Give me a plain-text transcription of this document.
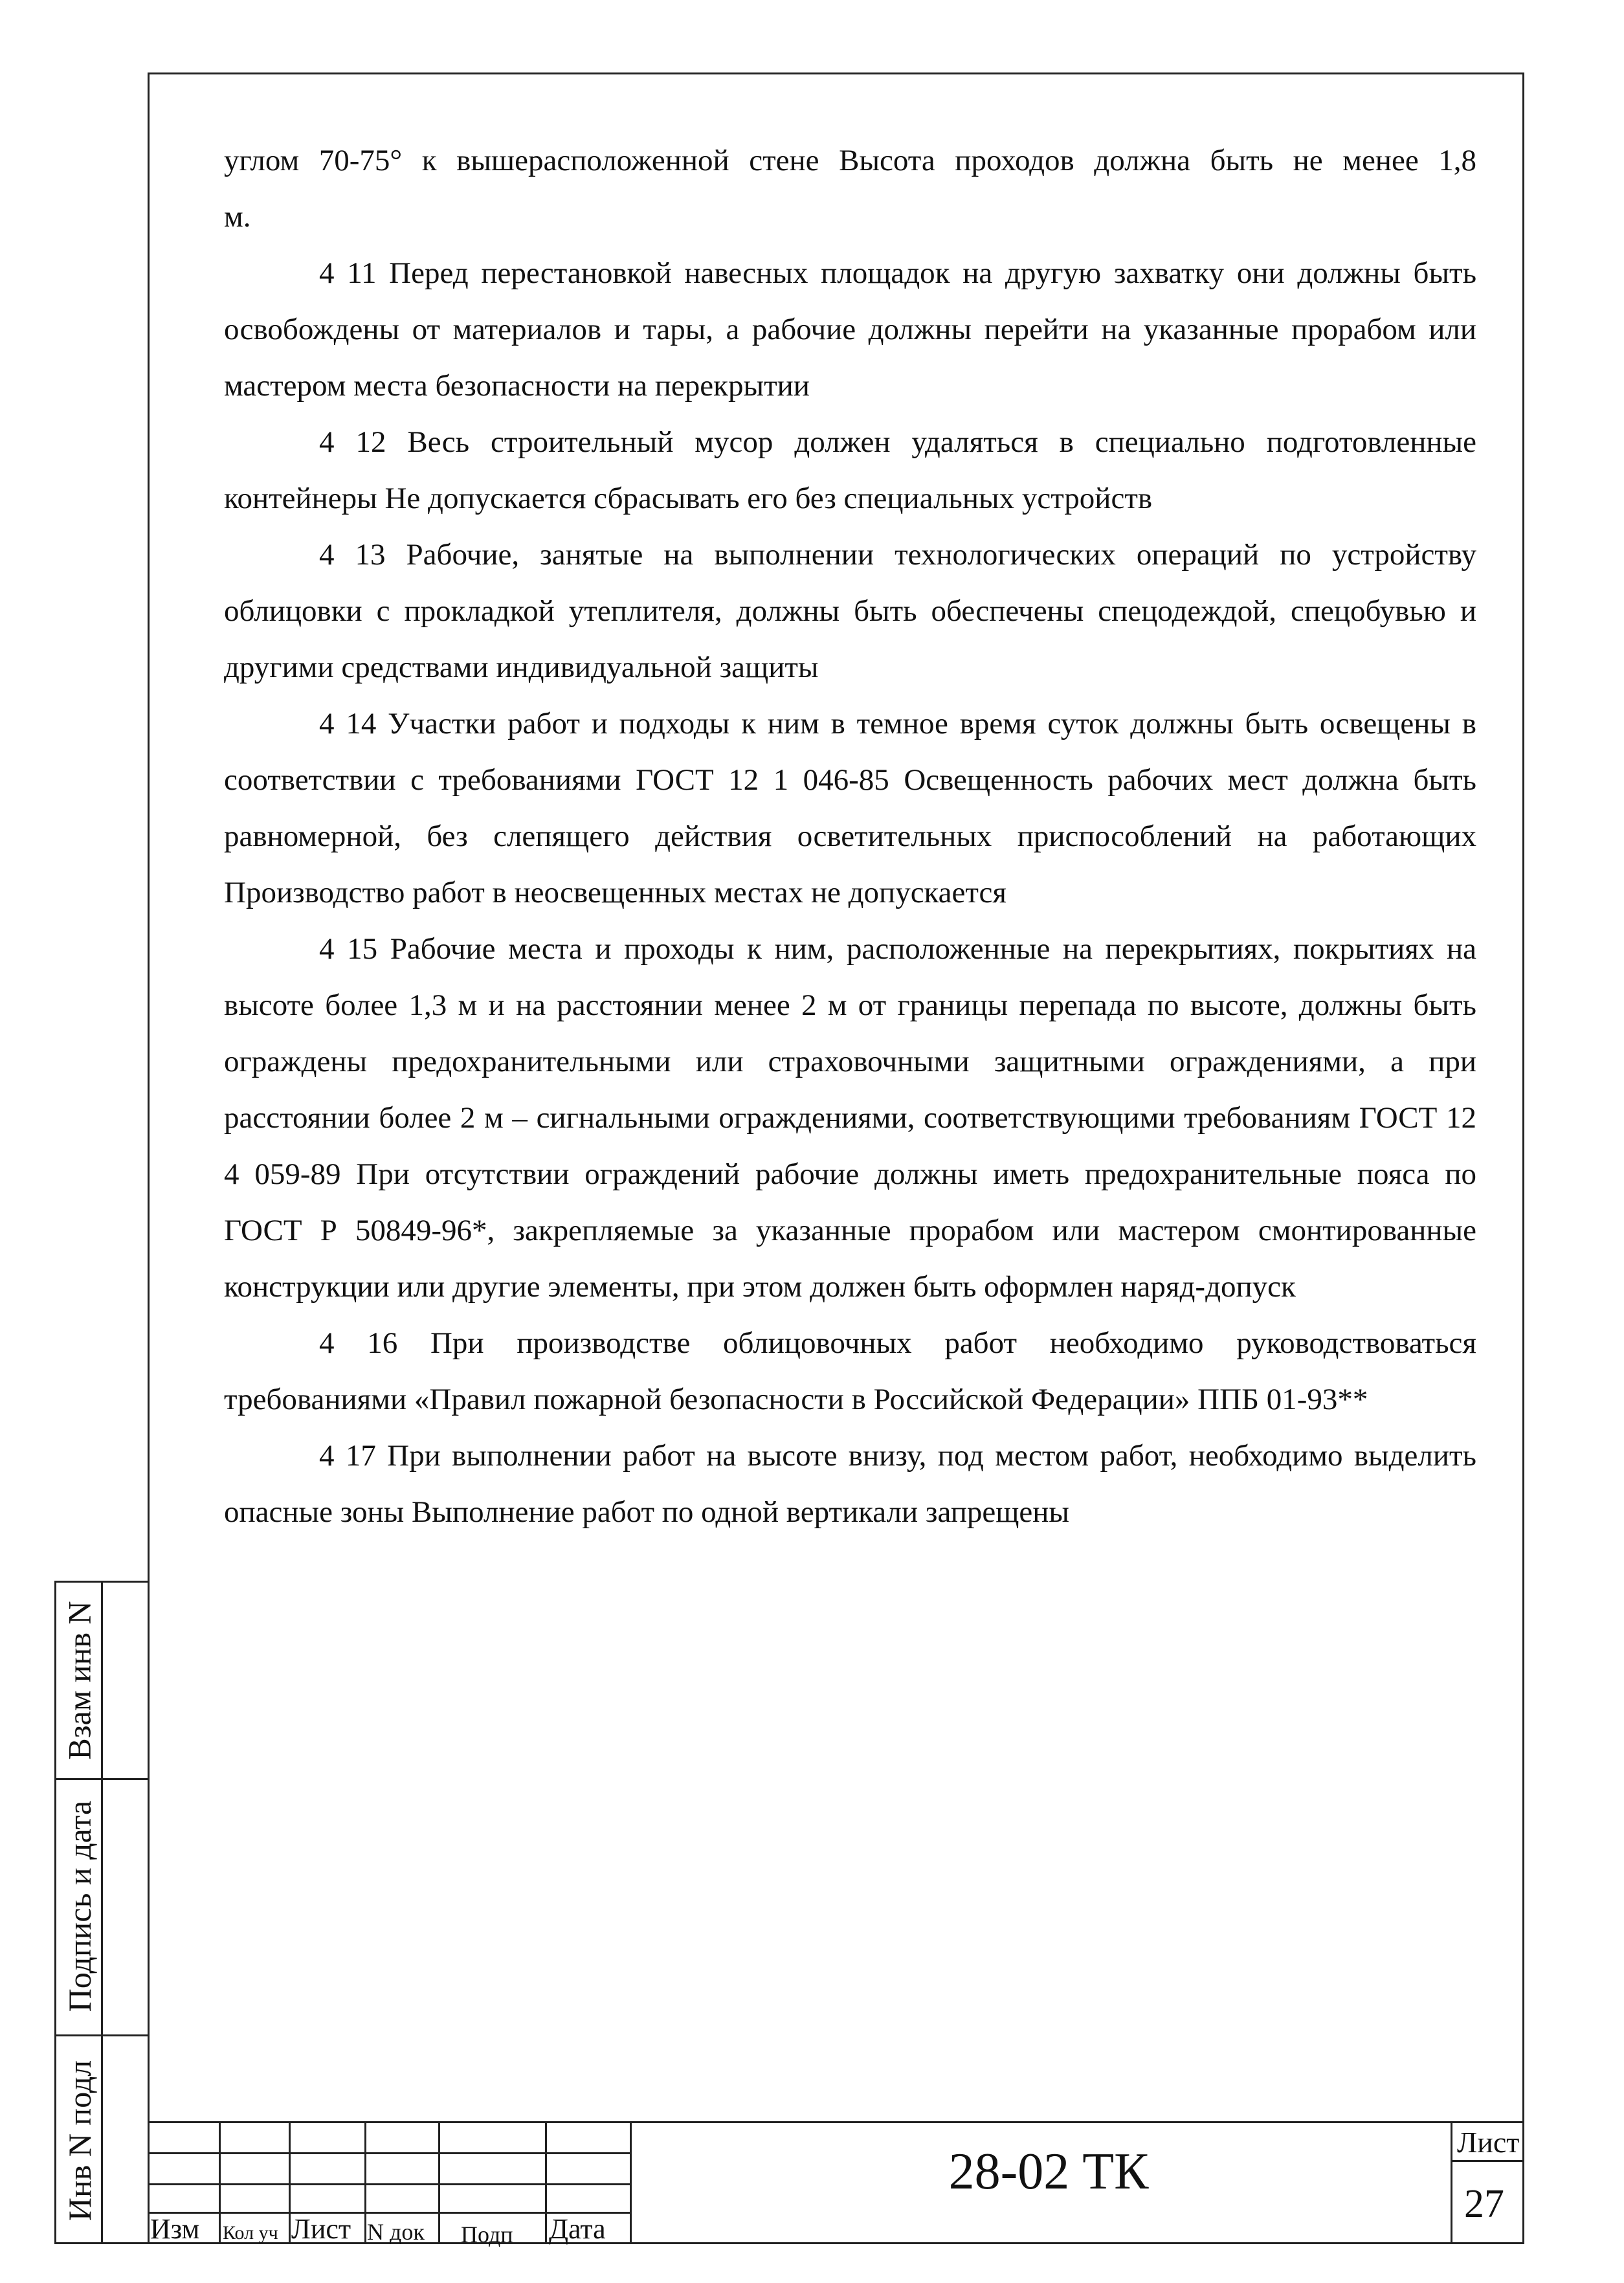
углом 70-75° к вышерасположенной стене Высота проходов должна быть не менее 1,8

м.

4 11 Перед перестановкой навесных площадок на другую захватку они должны быть освобождены от материалов и тары, а рабочие должны перейти на указанные прорабом или мастером места безопасности на перекрытии

4 12 Весь строительный мусор должен удаляться в специально подготовленные контейнеры Не допускается сбрасывать его без специальных устройств

4 13 Рабочие, занятые на выполнении технологических операций по устройству облицовки с прокладкой утеплителя, должны быть обеспечены спецодеждой, спецобувью и другими средствами индивидуальной защиты

4 14 Участки работ и подходы к ним в темное время суток должны быть освещены в соответствии с требованиями ГОСТ 12 1 046-85 Освещенность рабочих мест должна быть равномерной, без слепящего действия осветительных приспособлений на работающих Производство работ в неосвещенных местах не допускается

4 15 Рабочие места и проходы к ним, расположенные на перекрытиях, покрытиях на высоте более 1,3 м и на расстоянии менее 2 м от границы перепада по высоте, должны быть ограждены предохранительными или страховочными защитными ограждениями, а при расстоянии более 2 м – сигнальными ограждениями, соответствующими требованиям ГОСТ 12 4 059-89 При отсутствии ограждений рабочие должны иметь предохранительные пояса по ГОСТ Р 50849-96*, закрепляемые за указанные прорабом или мастером смонтированные конструкции или другие элементы, при этом должен быть оформлен наряд-допуск

4 16 При производстве облицовочных работ необходимо руководствоваться требованиями «Правил пожарной безопасности в Российской Федерации» ППБ 01-93**

4 17 При выполнении работ на высоте внизу, под местом работ, необходимо выделить опасные зоны Выполнение работ по одной вертикали запрещены

Взам инв N
Подпись и дата
Инв N подл
Изм Кол уч Лист N док Подп Дата
28-02 ТК
Лист
27
